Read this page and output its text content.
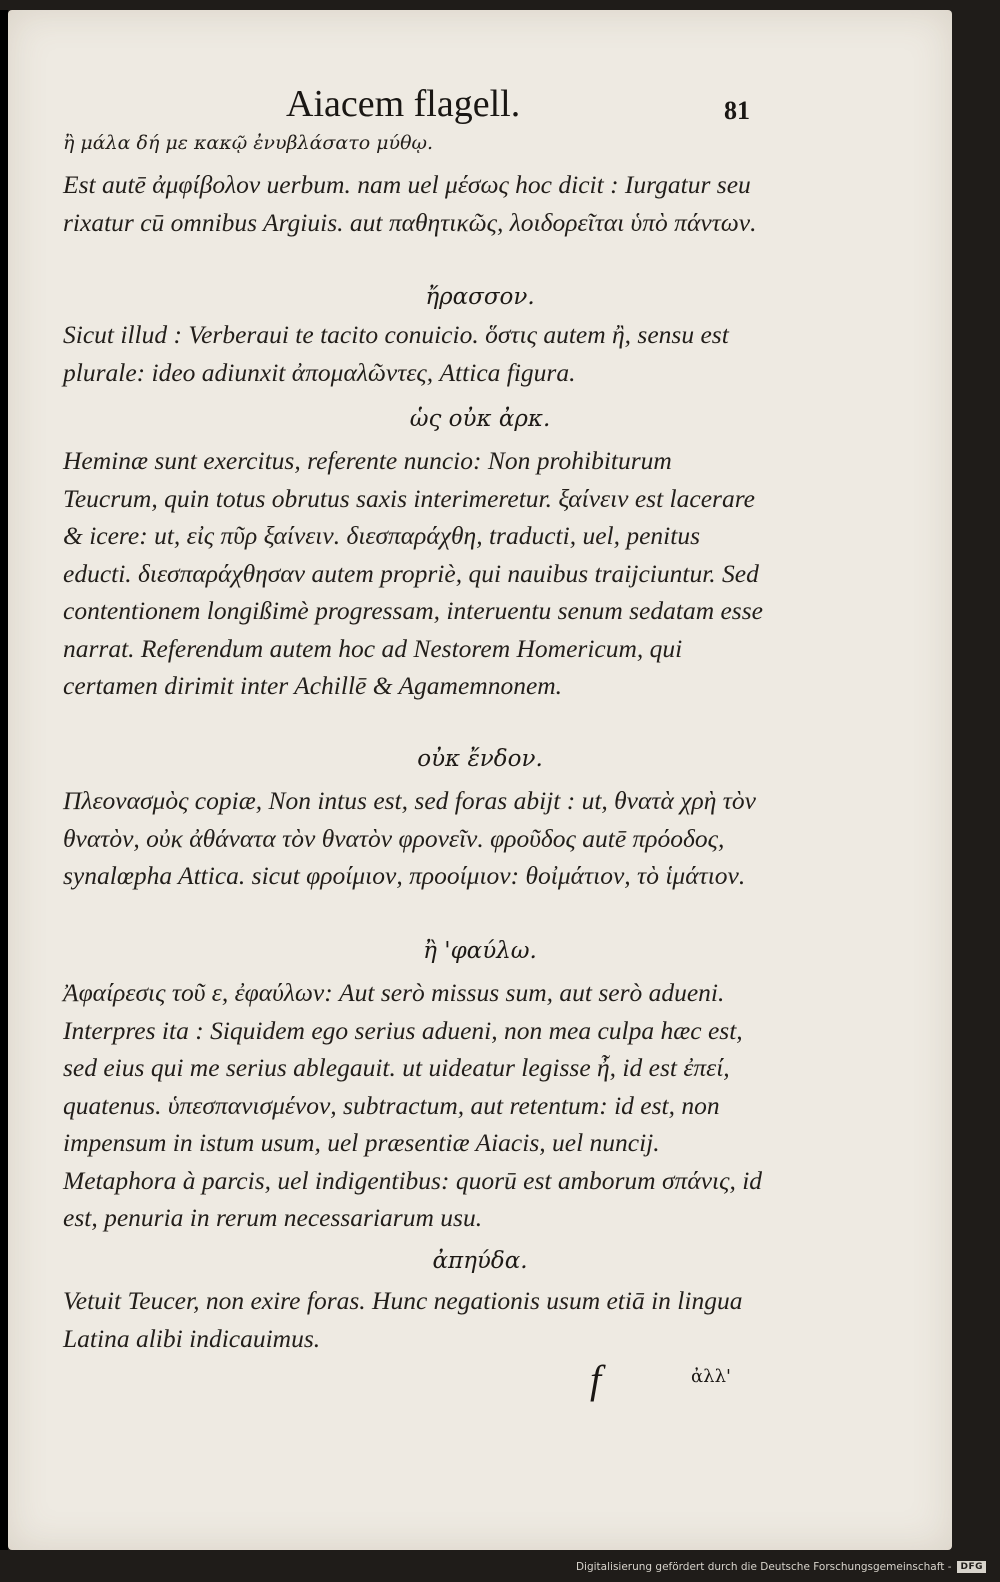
Aiacem flagell.	81
ἢ μάλα δή με κακῷ ἐνυβλάσατο μύθῳ.

Est autē ἀμφίβολον uerbum. nam uel μέσως hoc dicit : Iurgatur seu rixatur cū omnibus Argiuis. aut παθητικῶς, λοιδορεῖται ὑπὸ πάντων.

ἤρασσον.

Sicut illud : Verberaui te tacito conuicio. ὅστις autem ἢ, sensu est plurale: ideo adiunxit ἀπομαλῶντες, Attica figura.

ὡς οὐκ ἀρκ.

Heminæ sunt exercitus, referente nuncio: Non prohibiturum Teucrum, quin totus obrutus saxis interimeretur. ξαίνειν est lacerare & icere: ut, εἰς πῦρ ξαίνειν. διεσπαράχθη, traducti, uel, penitus educti. διεσπαράχθησαν autem propriè, qui nauibus traijciuntur. Sed contentionem longißimè progressam, interuentu senum sedatam esse narrat. Referendum autem hoc ad Nestorem Homericum, qui certamen dirimit inter Achillē & Agamemnonem.

οὐκ ἔνδον.

Πλεονασμὸς copiæ, Non intus est, sed foras abijt : ut, θνατὰ χρὴ τὸν θνατὸν, οὐκ ἀθάνατα τὸν θνατὸν φρονεῖν. φροῦδος autē πρόοδος, synalœpha Attica. sicut φροίμιον, προοίμιον: θοἰμάτιον, τὸ ἱμάτιον.

ἢ 'φαύλω.

Ἀφαίρεσις τοῦ ε, ἐφαύλων: Aut serò missus sum, aut serò adueni. Interpres ita : Siquidem ego serius adueni, non mea culpa hæc est, sed eius qui me serius ablegauit. ut uideatur legisse ἦ, id est ἐπεί, quatenus. ὑπεσπανισμένον, subtractum, aut retentum: id est, non impensum in istum usum, uel præsentiæ Aiacis, uel nuncij. Metaphora à parcis, uel indigentibus: quorū est amborum σπάνις, id est, penuria in rerum necessariarum usu.

ἀπηύδα.

Vetuit Teucer, non exire foras. Hunc negationis usum etiā in lingua Latina alibi indicauimus.

f	ἀλλ'
Digitalisierung gefördert durch die Deutsche Forschungsgemeinschaft -	DFG
